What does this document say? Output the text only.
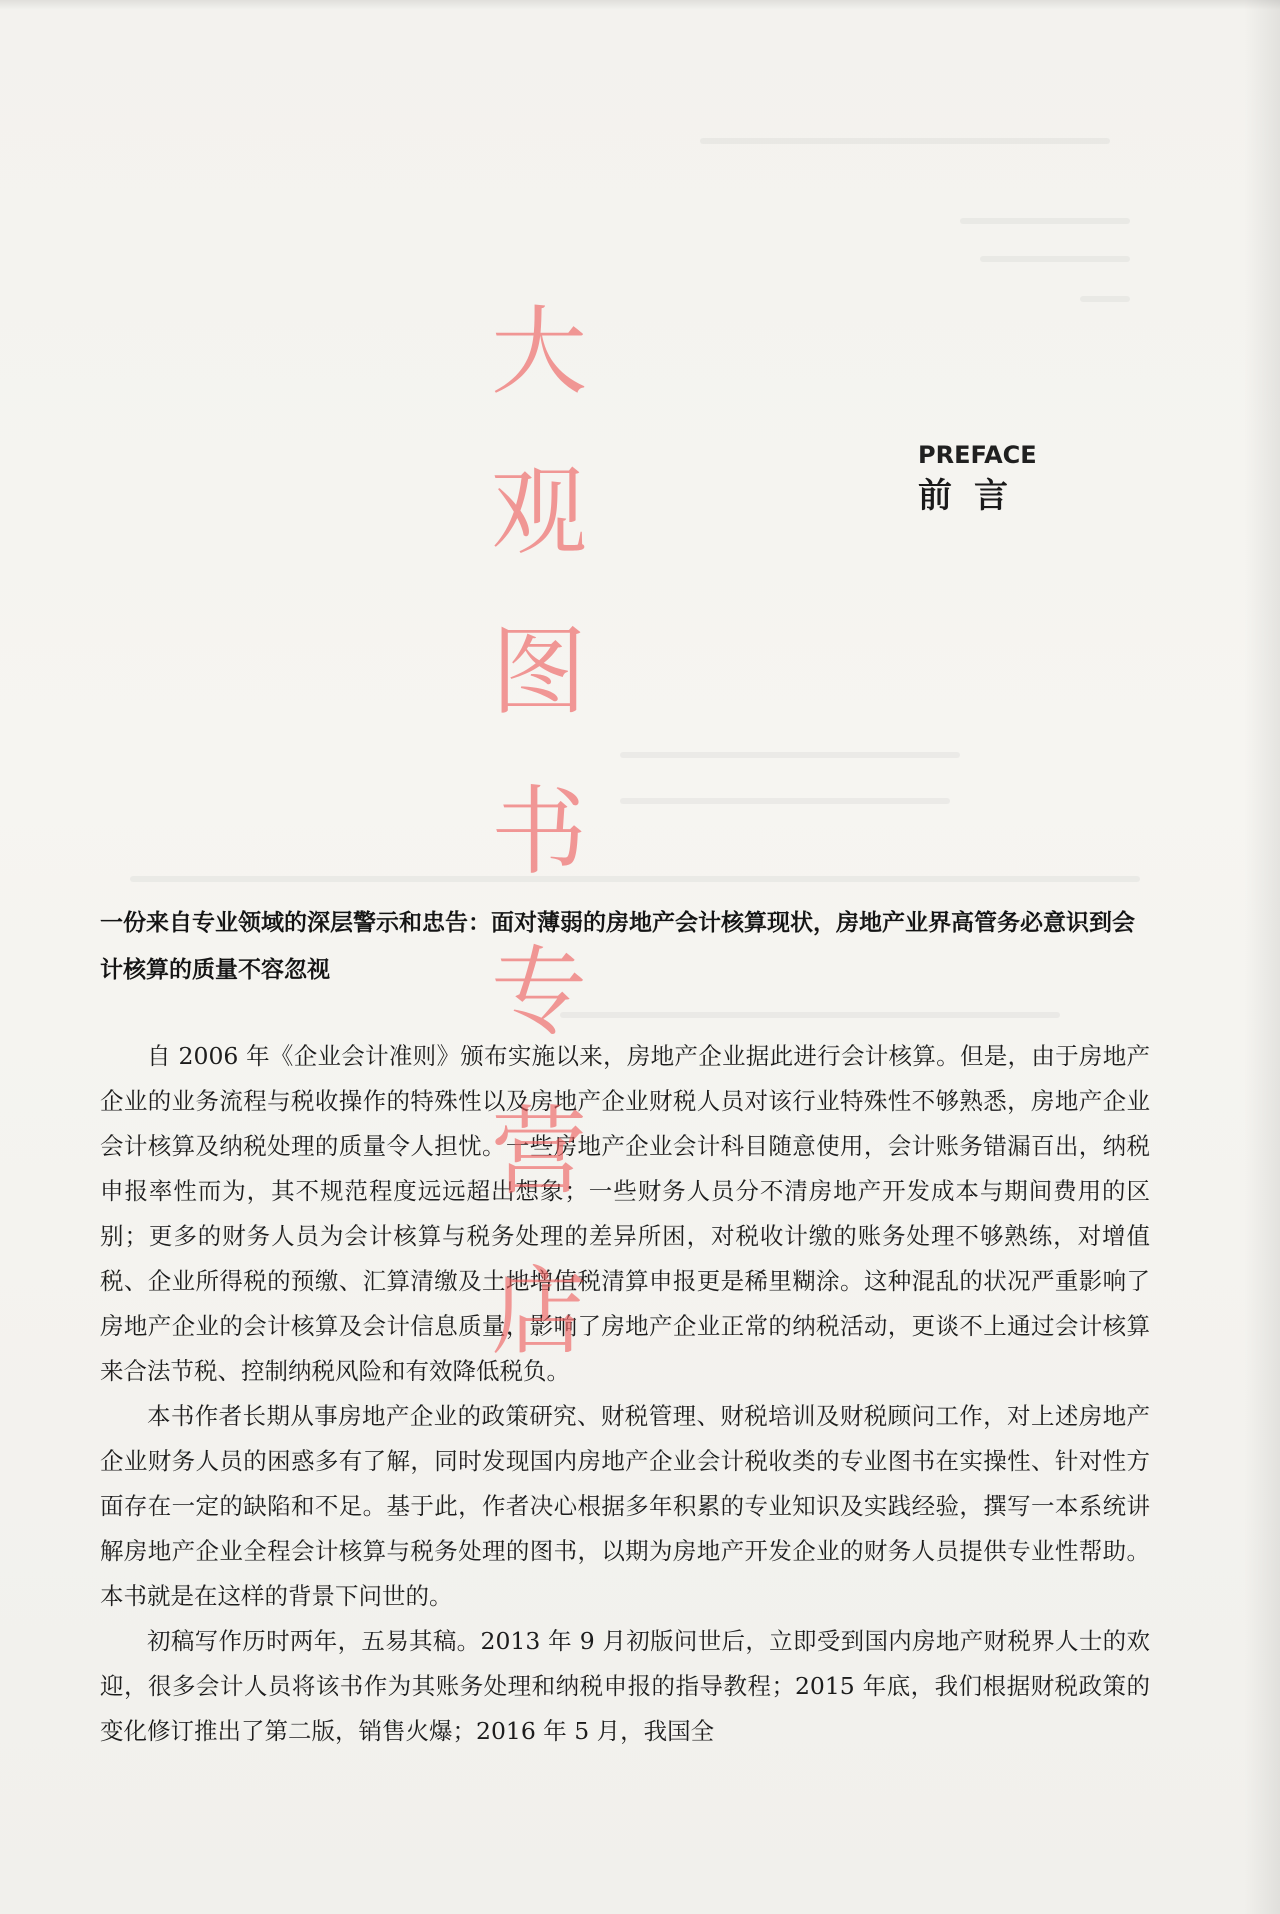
PREFACE
前言
一份来自专业领域的深层警示和忠告：面对薄弱的房地产会计核算现状，房地产业界高管务必意识到会计核算的质量不容忽视

自 2006 年《企业会计准则》颁布实施以来，房地产企业据此进行会计核算。但是，由于房地产企业的业务流程与税收操作的特殊性以及房地产企业财税人员对该行业特殊性不够熟悉，房地产企业会计核算及纳税处理的质量令人担忧。一些房地产企业会计科目随意使用，会计账务错漏百出，纳税申报率性而为，其不规范程度远远超出想象；一些财务人员分不清房地产开发成本与期间费用的区别；更多的财务人员为会计核算与税务处理的差异所困，对税收计缴的账务处理不够熟练，对增值税、企业所得税的预缴、汇算清缴及土地增值税清算申报更是稀里糊涂。这种混乱的状况严重影响了房地产企业的会计核算及会计信息质量，影响了房地产企业正常的纳税活动，更谈不上通过会计核算来合法节税、控制纳税风险和有效降低税负。

本书作者长期从事房地产企业的政策研究、财税管理、财税培训及财税顾问工作，对上述房地产企业财务人员的困惑多有了解，同时发现国内房地产企业会计税收类的专业图书在实操性、针对性方面存在一定的缺陷和不足。基于此，作者决心根据多年积累的专业知识及实践经验，撰写一本系统讲解房地产企业全程会计核算与税务处理的图书，以期为房地产开发企业的财务人员提供专业性帮助。本书就是在这样的背景下问世的。

初稿写作历时两年，五易其稿。2013 年 9 月初版问世后，立即受到国内房地产财税界人士的欢迎，很多会计人员将该书作为其账务处理和纳税申报的指导教程；2015 年底，我们根据财税政策的变化修订推出了第二版，销售火爆；2016 年 5 月，我国全

大
观
图
书
专
营
店
